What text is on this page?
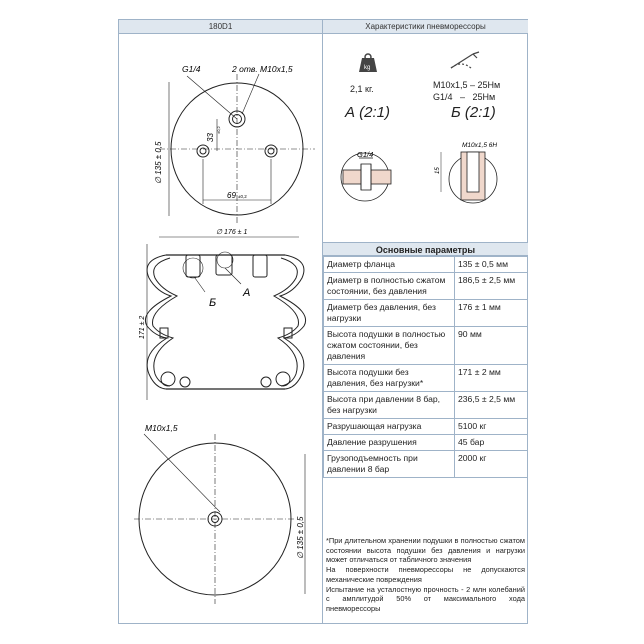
180D1	Характеристики пневморессоры
G1/4	2 отв. M10x1,5
33
±0,2
69 ±0,2
∅ 135 ± 0,5
∅ 176 ± 1
171 ± 2
А
Б
M10x1,5
∅ 135 ± 0,5
kg
G1/4
M10x1,5 6H
15
2,1 кг.	M10x1,5 – 25Нм
G1/4   –   25Нм
А (2:1)	Б (2:1)
Основные параметры
Диаметр фланца	135 ± 0,5 мм
Диаметр в полностью сжатом состоянии, без давления	186,5 ± 2,5 мм
Диаметр без давления, без нагрузки	176 ± 1 мм
Высота подушки в полностью сжатом состоянии, без давления	90 мм
Высота подушки без давления, без нагрузки*	171 ± 2 мм
Высота при давлении 8 бар, без нагрузки	236,5 ± 2,5 мм
Разрушающая нагрузка	5100 кг
Давление разрушения	45 бар
Грузоподъемность при давлении 8 бар	2000 кг
*При длительном хранении подушки в полностью сжатом состоянии высота подушки без давления и нагрузки может отличаться от табличного значения
На поверхности пневморессоры не допускаются механические повреждения
Испытание на усталостную прочность - 2 млн колебаний с амплитудой 50% от максимального хода пневморессоры
